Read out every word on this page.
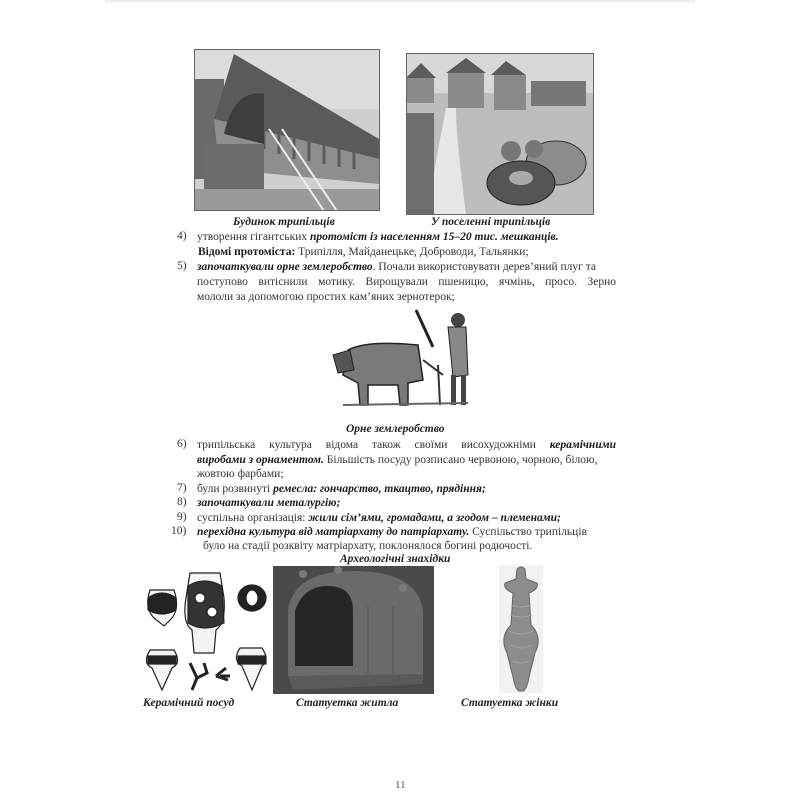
Будинок трипільців	У поселенні трипільців
4) утворення гігантських протоміст із населенням 15–20 тис. мешканців.
Відомі протоміста: Трипілля, Майданецьке, Доброводи, Тальянки;
5) започаткували орне землеробство. Почали використовувати дерев’яний плуг та
поступово витіснили мотику. Вирощували пшеницю, ячмінь, просо. Зерно
мололи за допомогою простих кам’яних зернотерок;
Орне землеробство
6) трипільська культура відома також своїми висохудожніми керамічними
виробами з орнаментом. Більшість посуду розписано червоною, чорною, білою,
жовтою фарбами;
7) були розвинуті ремесла: гончарство, ткацтво, прядіння;
8) започаткували металургію;
9) суспільна організація: жили сім’ями, громадами, а згодом – племенами;
10) перехідна культура від матріархату до патріархату. Суспільство трипільців
було на стадії розквіту матріархату, поклонялося богині родючості.
Археологічні знахідки
Керамічний посуд	Статуетка житла	Статуетка жінки
11
